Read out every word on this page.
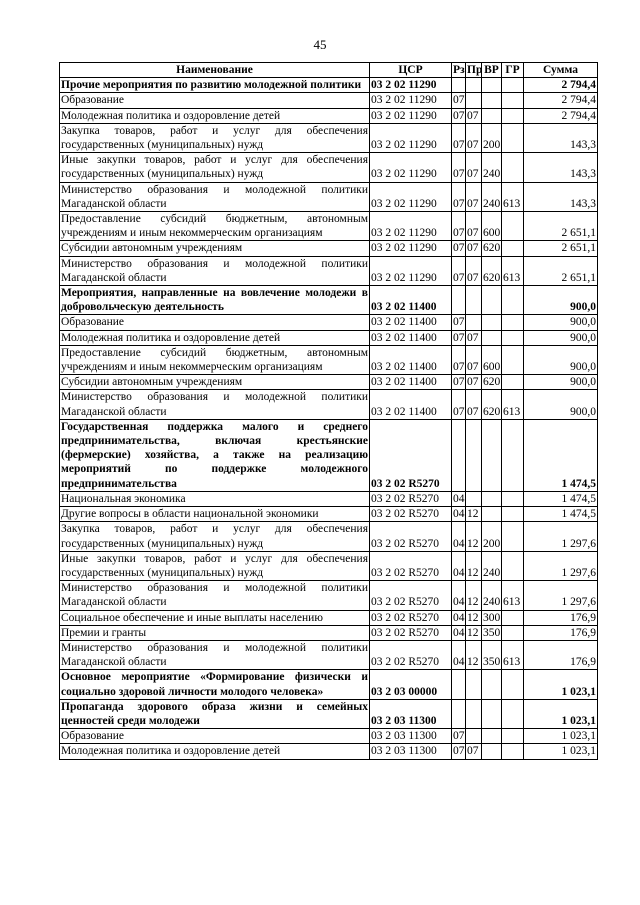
45
Наименование	ЦСР	Рз	Пр	ВР	ГР	Сумма
Прочие мероприятия по развитию молодежной политики	03 2 02 11290					2 794,4
Образование	03 2 02 11290	07				2 794,4
Молодежная политика и оздоровление детей	03 2 02 11290	07	07			2 794,4
Закупка товаров, работ и услуг для обеспечения государственных (муниципальных) нужд	03 2 02 11290	07	07	200		143,3
Иные закупки товаров, работ и услуг для обеспечения государственных (муниципальных) нужд	03 2 02 11290	07	07	240		143,3
Министерство образования и молодежной политики Магаданской области	03 2 02 11290	07	07	240	613	143,3
Предоставление субсидий бюджетным, автономным учреждениям и иным некоммерческим организациям	03 2 02 11290	07	07	600		2 651,1
Субсидии автономным учреждениям	03 2 02 11290	07	07	620		2 651,1
Министерство образования и молодежной политики Магаданской области	03 2 02 11290	07	07	620	613	2 651,1
Мероприятия, направленные на вовлечение молодежи в добровольческую деятельность	03 2 02 11400					900,0
Образование	03 2 02 11400	07				900,0
Молодежная политика и оздоровление детей	03 2 02 11400	07	07			900,0
Предоставление субсидий бюджетным, автономным учреждениям и иным некоммерческим организациям	03 2 02 11400	07	07	600		900,0
Субсидии автономным учреждениям	03 2 02 11400	07	07	620		900,0
Министерство образования и молодежной политики Магаданской области	03 2 02 11400	07	07	620	613	900,0
Государственная поддержка малого и среднего предпринимательства, включая крестьянские (фермерские) хозяйства, а также на реализацию мероприятий по поддержке молодежного предпринимательства	03 2 02 R5270					1 474,5
Национальная экономика	03 2 02 R5270	04				1 474,5
Другие вопросы в области национальной экономики	03 2 02 R5270	04	12			1 474,5
Закупка товаров, работ и услуг для обеспечения государственных (муниципальных) нужд	03 2 02 R5270	04	12	200		1 297,6
Иные закупки товаров, работ и услуг для обеспечения государственных (муниципальных) нужд	03 2 02 R5270	04	12	240		1 297,6
Министерство образования и молодежной политики Магаданской области	03 2 02 R5270	04	12	240	613	1 297,6
Социальное обеспечение и иные выплаты населению	03 2 02 R5270	04	12	300		176,9
Премии и гранты	03 2 02 R5270	04	12	350		176,9
Министерство образования и молодежной политики Магаданской области	03 2 02 R5270	04	12	350	613	176,9
Основное мероприятие «Формирование физически и социально здоровой личности молодого человека»	03 2 03 00000					1 023,1
Пропаганда здорового образа жизни и семейных ценностей среди молодежи	03 2 03 11300					1 023,1
Образование	03 2 03 11300	07				1 023,1
Молодежная политика и оздоровление детей	03 2 03 11300	07	07			1 023,1
